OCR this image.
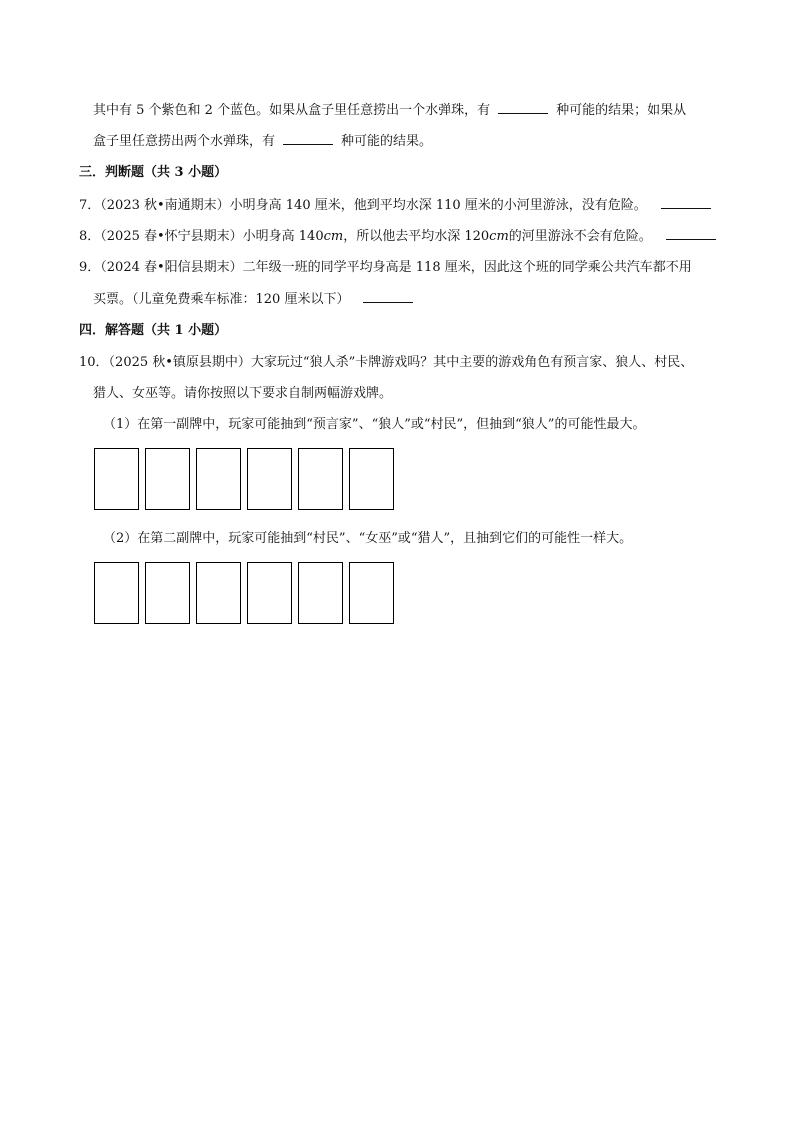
其中有 5 个紫色和 2 个蓝色。如果从盒子里任意捞出一个水弹珠，有	种可能的结果；如果从
盒子里任意捞出两个水弹珠，有	种可能的结果。
三．判断题（共 3 小题）
7．（2023 秋•南通期末）小明身高 140 厘米，他到平均水深 110 厘米的小河里游泳，没有危险。
8．（2025 春•怀宁县期末）小明身高 140cm，所以他去平均水深 120cm的河里游泳不会有危险。
9．（2024 春•阳信县期末）二年级一班的同学平均身高是 118 厘米，因此这个班的同学乘公共汽车都不用
买票。（儿童免费乘车标准：120 厘米以下）
四．解答题（共 1 小题）
10．（2025 秋•镇原县期中）大家玩过“狼人杀”卡牌游戏吗？其中主要的游戏角色有预言家、狼人、村民、
猎人、女巫等。请你按照以下要求自制两幅游戏牌。
（1）在第一副牌中，玩家可能抽到“预言家”、“狼人”或“村民”，但抽到“狼人”的可能性最大。
（2）在第二副牌中，玩家可能抽到“村民”、“女巫”或“猎人”，且抽到它们的可能性一样大。
